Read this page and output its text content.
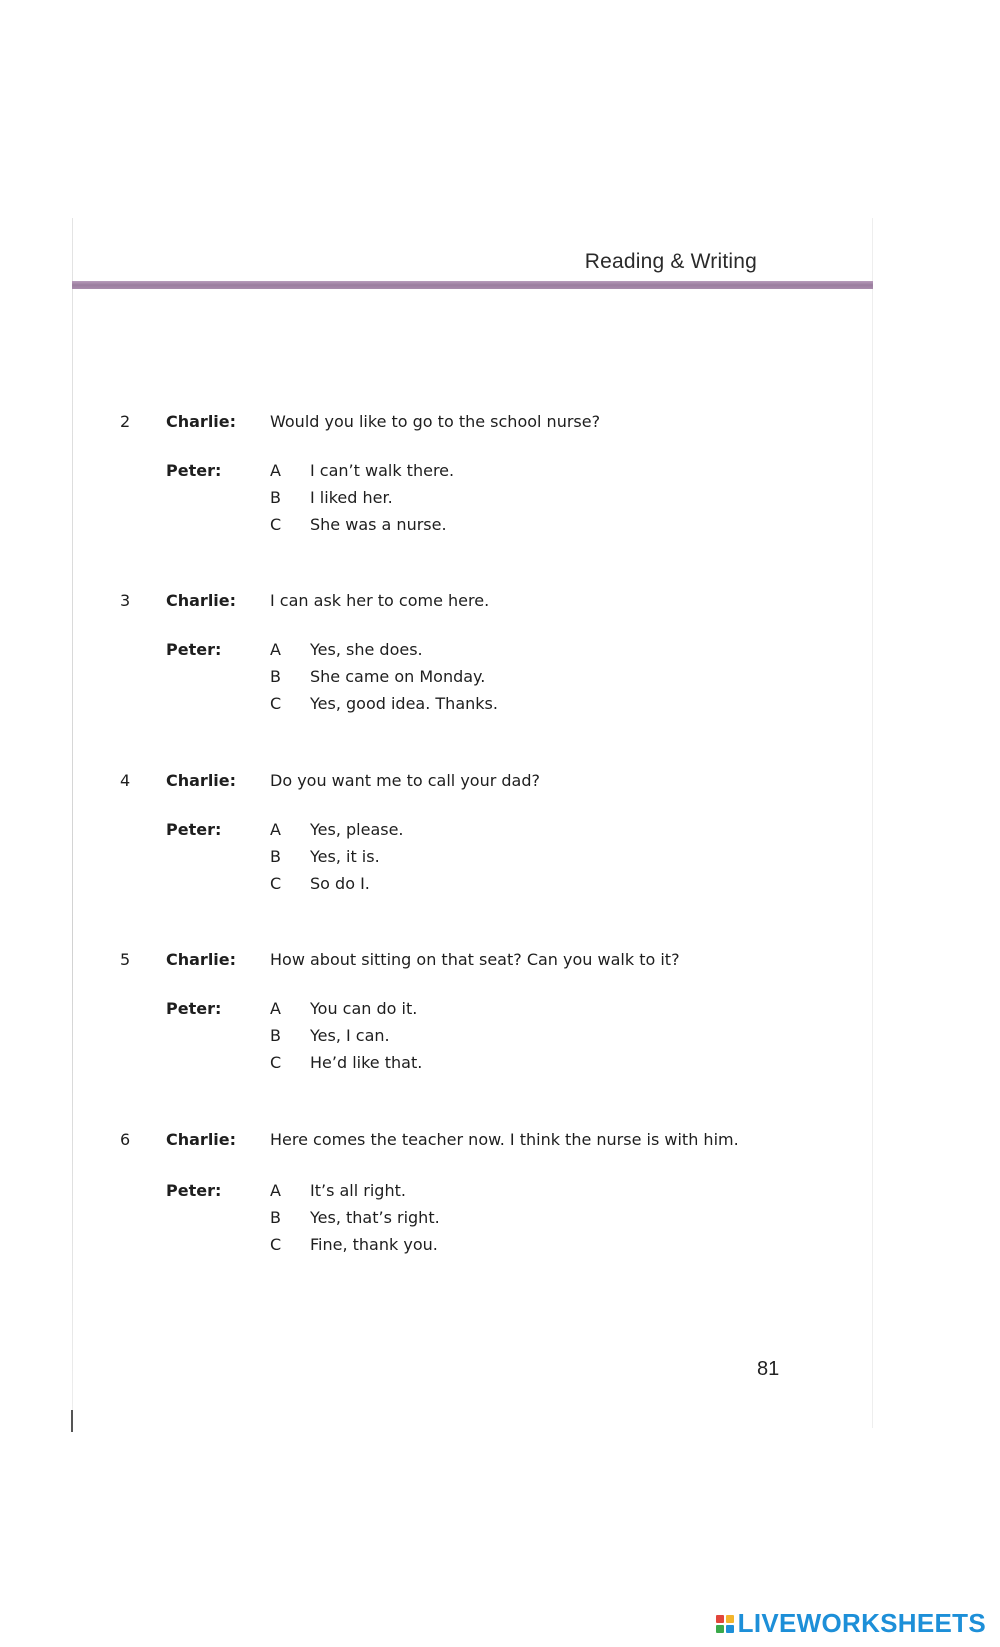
Reading & Writing
2 Charlie: Would you like to go to the school nurse?
Peter:	A I can’t walk there.
B I liked her.
C She was a nurse.
3 Charlie: I can ask her to come here.
Peter:	A Yes, she does.
B She came on Monday.
C Yes, good idea. Thanks.
4 Charlie: Do you want me to call your dad?
Peter:	A Yes, please.
B Yes, it is.
C So do I.
5 Charlie: How about sitting on that seat? Can you walk to it?
Peter:	A You can do it.
B Yes, I can.
C He’d like that.
6 Charlie: Here comes the teacher now. I think the nurse is with him.
Peter:	A It’s all right.
B Yes, that’s right.
C Fine, thank you.
81
LIVEWORKSHEETS
